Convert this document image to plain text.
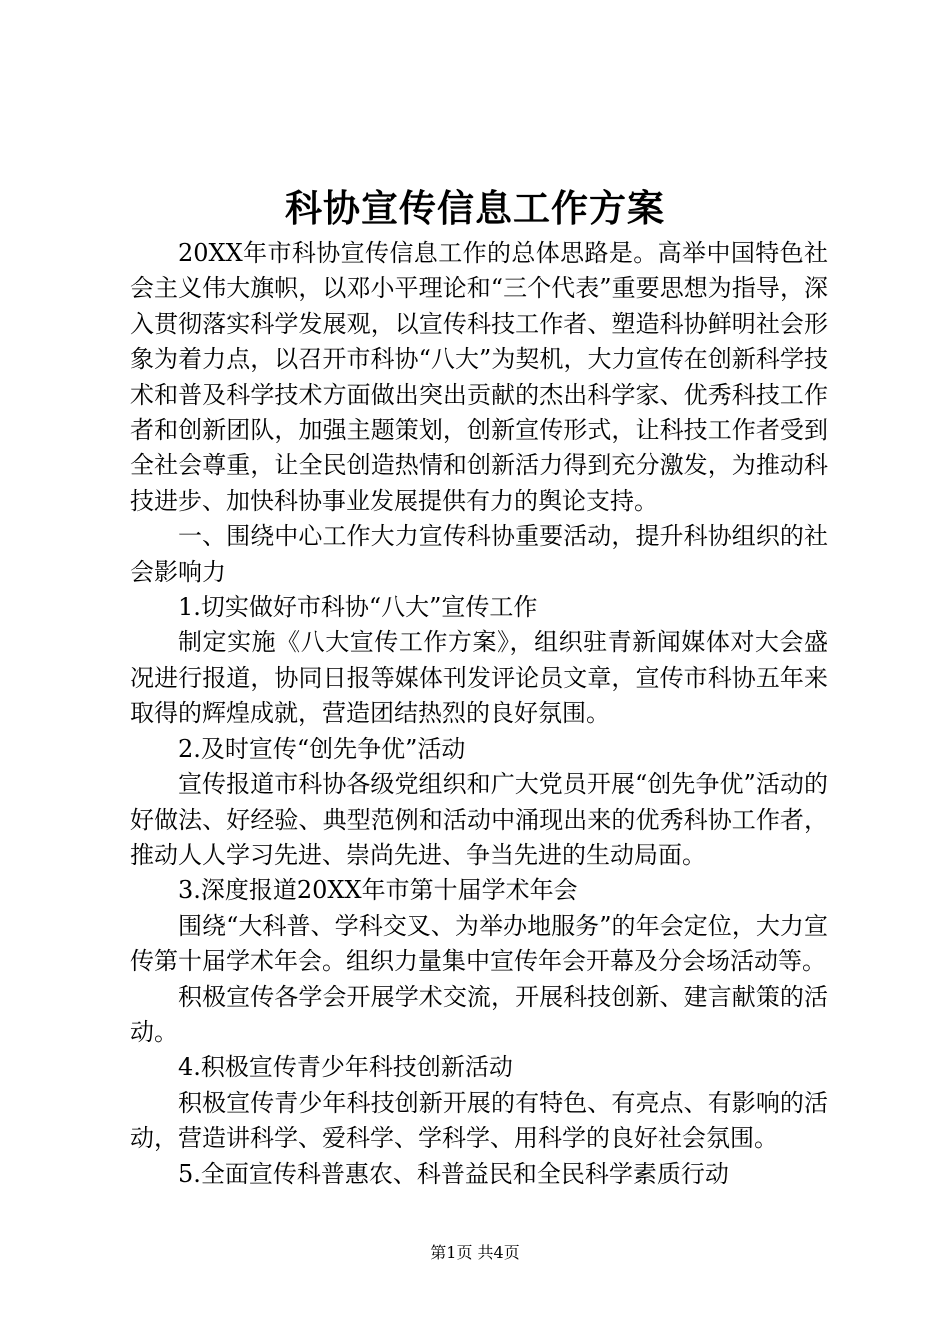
科协宣传信息工作方案

20XX年市科协宣传信息工作的总体思路是。高举中国特色社会主义伟大旗帜，以邓小平理论和“三个代表”重要思想为指导，深入贯彻落实科学发展观，以宣传科技工作者、塑造科协鲜明社会形象为着力点，以召开市科协“八大”为契机，大力宣传在创新科学技术和普及科学技术方面做出突出贡献的杰出科学家、优秀科技工作者和创新团队，加强主题策划，创新宣传形式，让科技工作者受到全社会尊重，让全民创造热情和创新活力得到充分激发，为推动科技进步、加快科协事业发展提供有力的舆论支持。

一、围绕中心工作大力宣传科协重要活动，提升科协组织的社会影响力

1.切实做好市科协“八大”宣传工作

制定实施《八大宣传工作方案》，组织驻青新闻媒体对大会盛况进行报道，协同日报等媒体刊发评论员文章，宣传市科协五年来取得的辉煌成就，营造团结热烈的良好氛围。

2.及时宣传“创先争优”活动

宣传报道市科协各级党组织和广大党员开展“创先争优”活动的好做法、好经验、典型范例和活动中涌现出来的优秀科协工作者，推动人人学习先进、崇尚先进、争当先进的生动局面。

3.深度报道20XX年市第十届学术年会

围绕“大科普、学科交叉、为举办地服务”的年会定位，大力宣传第十届学术年会。组织力量集中宣传年会开幕及分会场活动等。

积极宣传各学会开展学术交流，开展科技创新、建言献策的活动。

4.积极宣传青少年科技创新活动

积极宣传青少年科技创新开展的有特色、有亮点、有影响的活动，营造讲科学、爱科学、学科学、用科学的良好社会氛围。

5.全面宣传科普惠农、科普益民和全民科学素质行动

第1页 共4页
